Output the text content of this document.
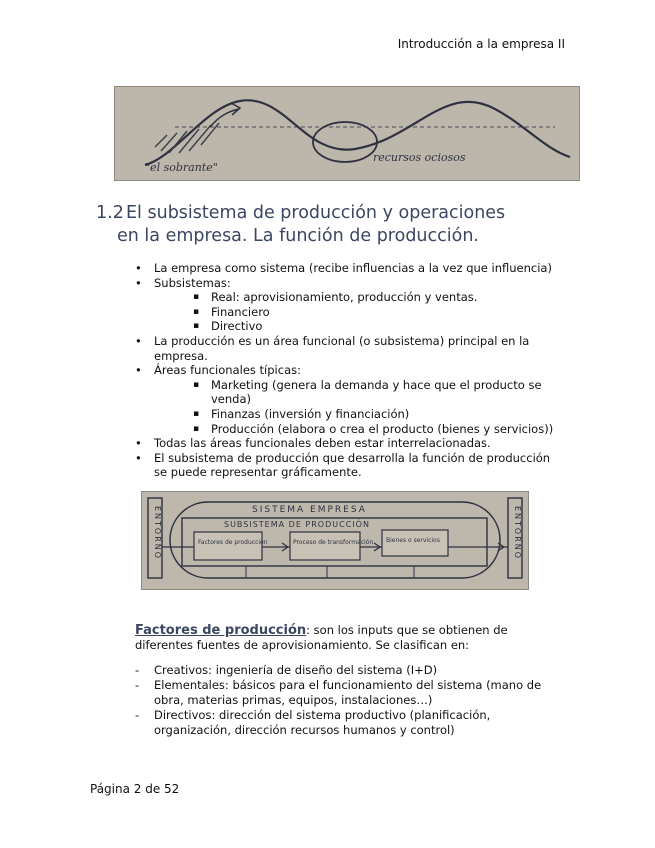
Introducción a la empresa II
"el sobrante"
recursos ociosos
1.2 El subsistema de producción y operaciones
en la empresa. La función de producción.
• La empresa como sistema (recibe influencias a la vez que influencia)
• Subsistemas:
▪ Real: aprovisionamiento, producción y ventas.
▪ Financiero
▪ Directivo
• La producción es un área funcional (o subsistema) principal en la empresa.
• Áreas funcionales típicas:
▪ Marketing (genera la demanda y hace que el producto se venda)
▪ Finanzas (inversión y financiación)
▪ Producción (elabora o crea el producto (bienes y servicios))
• Todas las áreas funcionales deben estar interrelacionadas.
• El subsistema de producción que desarrolla la función de producción se puede representar gráficamente.
ENTORNO	ENTORNO
SISTEMA EMPRESA
SUBSISTEMA DE PRODUCCIÓN
Factores de producción	Proceso de transformación Bienes o servicios
Factores de producción: son los inputs que se obtienen de diferentes fuentes de aprovisionamiento. Se clasifican en:
- Creativos: ingeniería de diseño del sistema (I+D)
- Elementales: básicos para el funcionamiento del sistema (mano de obra, materias primas, equipos, instalaciones…)
- Directivos: dirección del sistema productivo (planificación, organización, dirección recursos humanos y control)
Página 2 de 52
